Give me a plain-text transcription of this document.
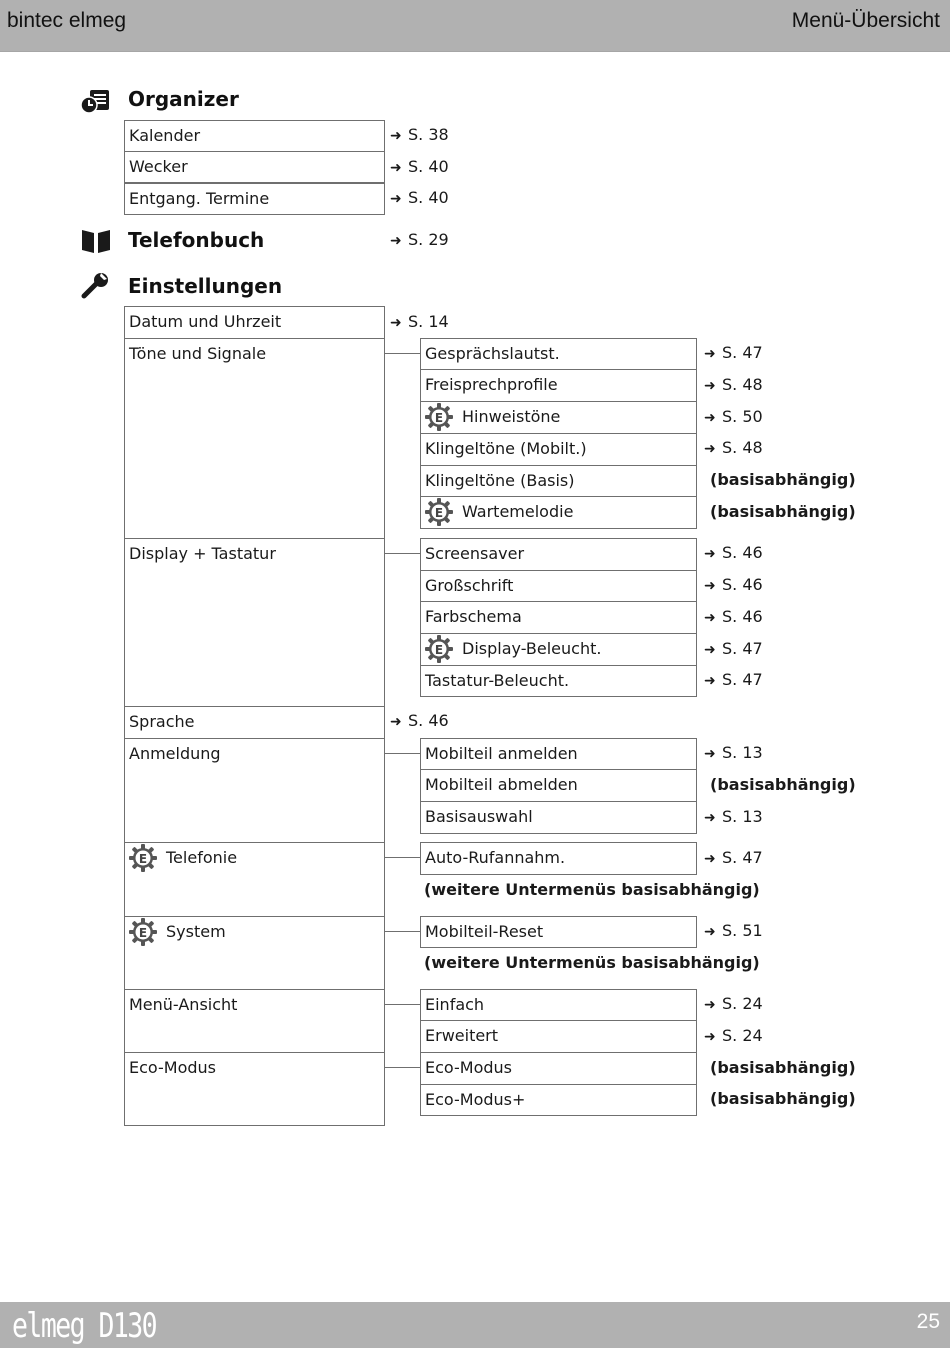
bintec elmeg	Menü-Übersicht
Organizer
Kalender	➜ S. 38
Wecker	➜ S. 40
Entgang. Termine	➜ S. 40
Telefonbuch	➜ S. 29
Einstellungen
Datum und Uhrzeit	➜ S. 14
Töne und Signale	Gesprächslautst.	➜ S. 47
Freisprechprofile	➜ S. 48
E Hinweistöne	➜ S. 50
Klingeltöne (Mobilt.)	➜ S. 48
Klingeltöne (Basis)	(basisabhängig)
E Wartemelodie	(basisabhängig)
Display + Tastatur	Screensaver	➜ S. 46
Großschrift	➜ S. 46
Farbschema	➜ S. 46
E Display-Beleucht.	➜ S. 47
Tastatur-Beleucht.	➜ S. 47
Sprache	➜ S. 46
Anmeldung	Mobilteil anmelden	➜ S. 13
Mobilteil abmelden	(basisabhängig)
Basisauswahl	➜ S. 13
E Telefonie	Auto-Rufannahm.	➜ S. 47
(weitere Untermenüs basisabhängig)
E System	Mobilteil-Reset	➜ S. 51
(weitere Untermenüs basisabhängig)
Menü-Ansicht	Einfach	➜ S. 24
Erweitert	➜ S. 24
Eco-Modus	Eco-Modus	(basisabhängig)
Eco-Modus+	(basisabhängig)
elmeg D130	25
